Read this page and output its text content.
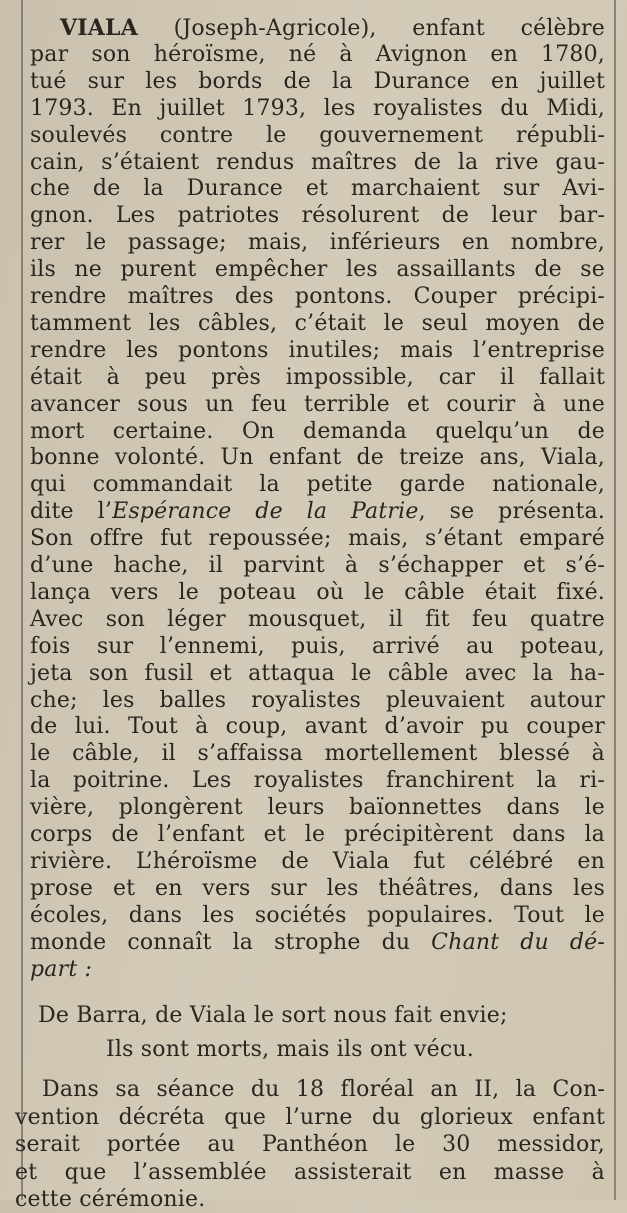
VIALA (Joseph-Agricole), enfant célèbre
par son héroïsme, né à Avignon en 1780,
tué sur les bords de la Durance en juillet
1793. En juillet 1793, les royalistes du Midi,
soulevés contre le gouvernement républi-
cain, s’étaient rendus maîtres de la rive gau-
che de la Durance et marchaient sur Avi-
gnon. Les patriotes résolurent de leur bar-
rer le passage; mais, inférieurs en nombre,
ils ne purent empêcher les assaillants de se
rendre maîtres des pontons. Couper précipi-
tamment les câbles, c’était le seul moyen de
rendre les pontons inutiles; mais l’entreprise
était à peu près impossible, car il fallait
avancer sous un feu terrible et courir à une
mort certaine. On demanda quelqu’un de
bonne volonté. Un enfant de treize ans, Viala,
qui commandait la petite garde nationale,
dite l’Espérance de la Patrie, se présenta.
Son offre fut repoussée; mais, s’étant emparé
d’une hache, il parvint à s’échapper et s’é-
lança vers le poteau où le câble était fixé.
Avec son léger mousquet, il fit feu quatre
fois sur l’ennemi, puis, arrivé au poteau,
jeta son fusil et attaqua le câble avec la ha-
che; les balles royalistes pleuvaient autour
de lui. Tout à coup, avant d’avoir pu couper
le câble, il s’affaissa mortellement blessé à
la poitrine. Les royalistes franchirent la ri-
vière, plongèrent leurs baïonnettes dans le
corps de l’enfant et le précipitèrent dans la
rivière. L’héroïsme de Viala fut célébré en
prose et en vers sur les théâtres, dans les
écoles, dans les sociétés populaires. Tout le
monde connaît la strophe du Chant du dé-
part :
De Barra, de Viala le sort nous fait envie;
Ils sont morts, mais ils ont vécu.
Dans sa séance du 18 floréal an II, la Con-
vention décréta que l’urne du glorieux enfant
serait portée au Panthéon le 30 messidor,
et que l’assemblée assisterait en masse à
cette cérémonie.
